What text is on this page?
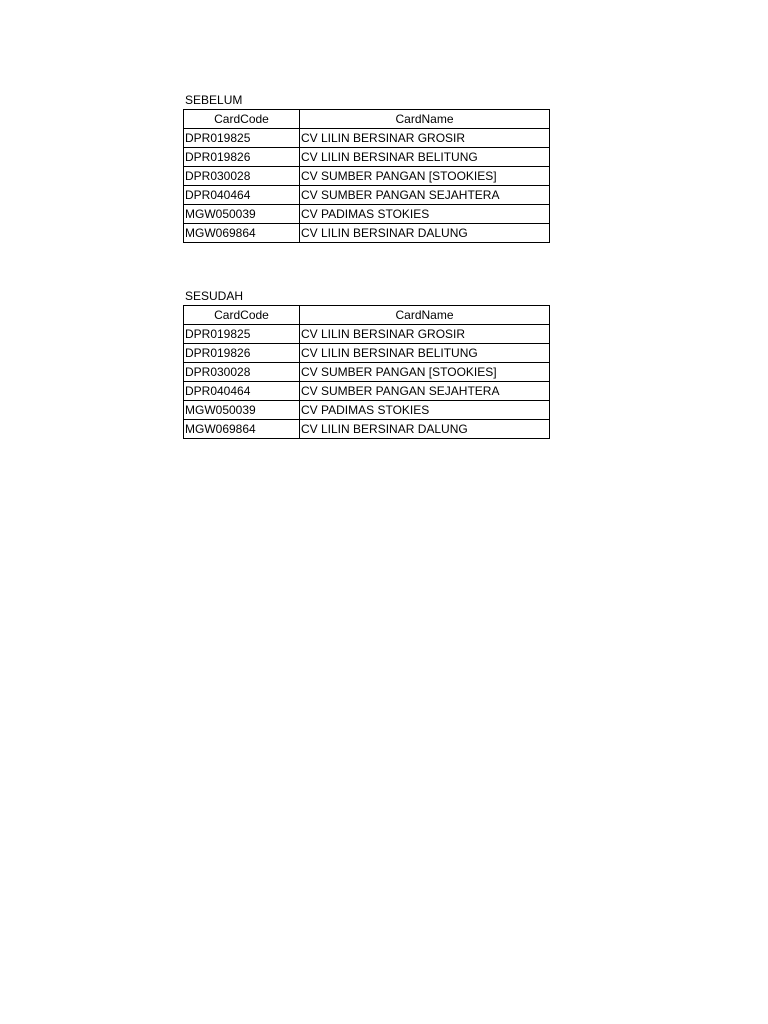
SEBELUM
CardCode	CardName
DPR019825	CV LILIN BERSINAR GROSIR
DPR019826	CV LILIN BERSINAR BELITUNG
DPR030028	CV SUMBER PANGAN [STOOKIES]
DPR040464	CV SUMBER PANGAN SEJAHTERA
MGW050039	CV PADIMAS STOKIES
MGW069864	CV LILIN BERSINAR DALUNG
SESUDAH
CardCode	CardName
DPR019825	CV LILIN BERSINAR GROSIR
DPR019826	CV LILIN BERSINAR BELITUNG
DPR030028	CV SUMBER PANGAN [STOOKIES]
DPR040464	CV SUMBER PANGAN SEJAHTERA
MGW050039	CV PADIMAS STOKIES
MGW069864	CV LILIN BERSINAR DALUNG
